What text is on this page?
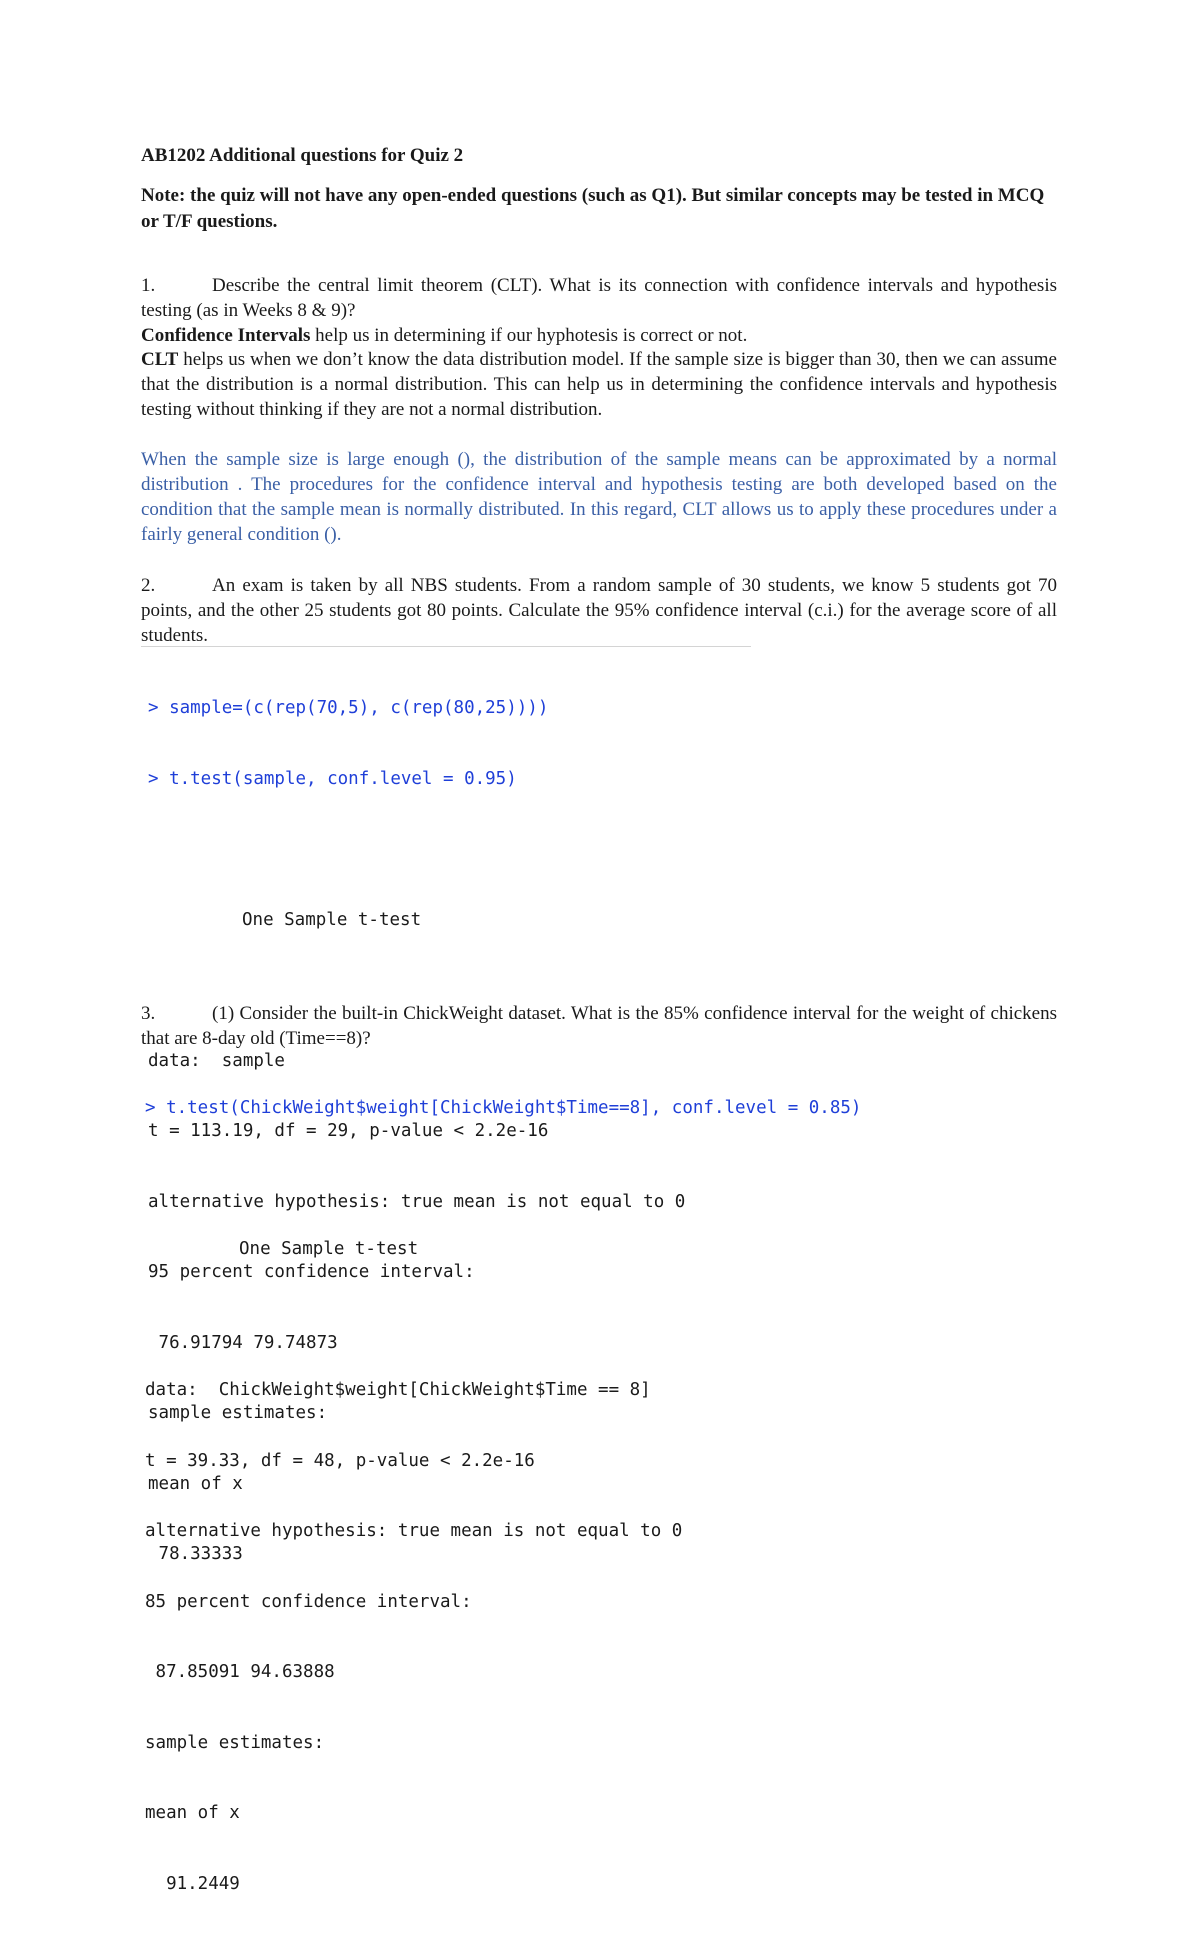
AB1202 Additional questions for Quiz 2
Note: the quiz will not have any open-ended questions (such as Q1). But similar concepts may be tested in MCQ or T/F questions.
1.	Describe the central limit theorem (CLT). What is its connection with confidence intervals and hypothesis testing (as in Weeks 8 & 9)?
Confidence Intervals help us in determining if our hyphotesis is correct or not.
CLT helps us when we don’t know the data distribution model. If the sample size is bigger than 30, then we can assume that the distribution is a normal distribution. This can help us in determining the confidence intervals and hypothesis testing without thinking if they are not a normal distribution.
When the sample size is large enough (), the distribution of the sample means can be approximated by a normal distribution . The procedures for the confidence interval and hypothesis testing are both developed based on the condition that the sample mean is normally distributed. In this regard, CLT allows us to apply these procedures under a fairly general condition ().
2.	An exam is taken by all NBS students. From a random sample of 30 students, we know 5 students got 70 points, and the other 25 students got 80 points. Calculate the 95% confidence interval (c.i.) for the average score of all students.

> sample=(c(rep(70,5), c(rep(80,25))))

> t.test(sample, conf.level = 0.95)

One Sample t-test

data:  sample

t = 113.19, df = 29, p-value < 2.2e-16

alternative hypothesis: true mean is not equal to 0

95 percent confidence interval:

76.91794 79.74873

sample estimates:

mean of x

78.33333

3.	(1) Consider the built-in ChickWeight dataset. What is the 85% confidence interval for the weight of chickens that are 8-day old (Time==8)?

> t.test(ChickWeight$weight[ChickWeight$Time==8], conf.level = 0.85)

One Sample t-test

data:  ChickWeight$weight[ChickWeight$Time == 8]

t = 39.33, df = 48, p-value < 2.2e-16

alternative hypothesis: true mean is not equal to 0

85 percent confidence interval:

87.85091 94.63888

sample estimates:

mean of x

91.2449
